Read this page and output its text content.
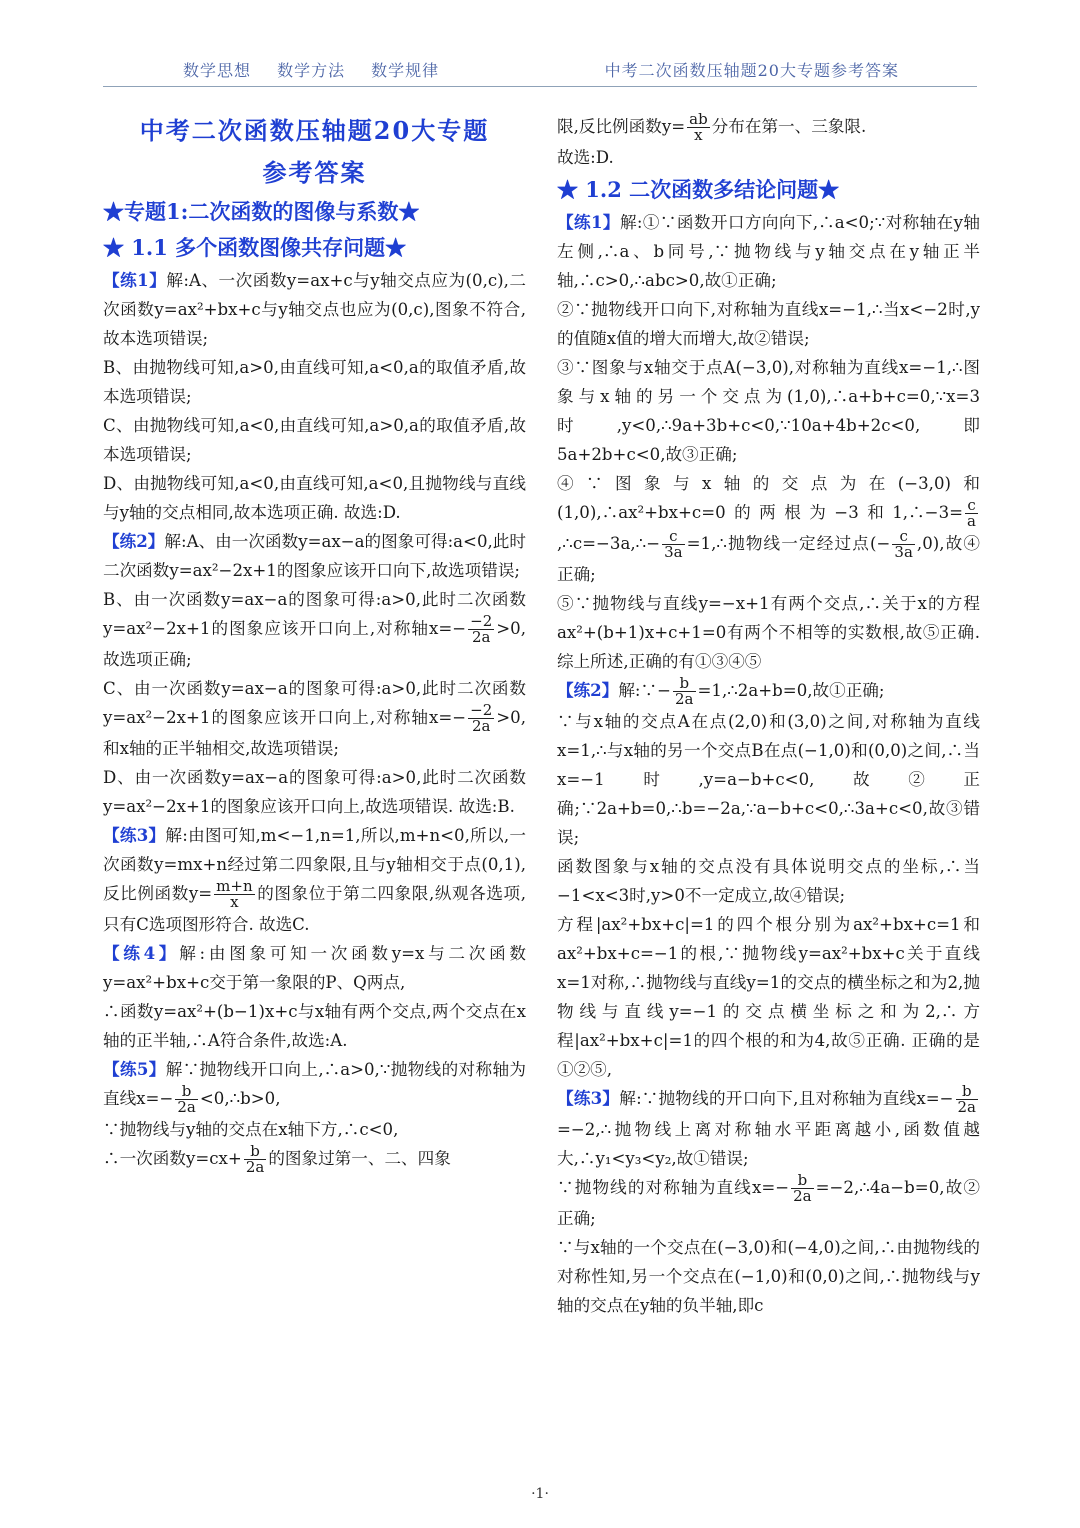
数学思想 数学方法 数学规律	中考二次函数压轴题20大专题参考答案

中考二次函数压轴题20大专题

参考答案

★专题1:二次函数的图像与系数★

★ 1.1 多个函数图像共存问题★

【练1】解:A、一次函数y=ax+c与y轴交点应为(0,c),二次函数y=ax²+bx+c与y轴交点也应为(0,c),图象不符合,故本选项错误;

B、由抛物线可知,a>0,由直线可知,a<0,a的取值矛盾,故本选项错误;

C、由抛物线可知,a<0,由直线可知,a>0,a的取值矛盾,故本选项错误;

D、由抛物线可知,a<0,由直线可知,a<0,且抛物线与直线与y轴的交点相同,故本选项正确. 故选:D.

【练2】解:A、由一次函数y=ax−a的图象可得:a<0,此时二次函数y=ax²−2x+1的图象应该开口向下,故选项错误;

B、由一次函数y=ax−a的图象可得:a>0,此时二次函数y=ax²−2x+1的图象应该开口向上,对称轴$x=- \frac{-2}{2a} >0$,故选项正确;

C、由一次函数y=ax−a的图象可得:a>0,此时二次函数y=ax²−2x+1的图象应该开口向上,对称轴$x=- \frac{-2}{2a} >0$,和x轴的正半轴相交,故选项错误;

D、由一次函数y=ax−a的图象可得:a>0,此时二次函数y=ax²−2x+1的图象应该开口向上,故选项错误. 故选:B.

【练3】解:由图可知,m<−1,n=1,所以,m+n<0,所以,一次函数y=mx+n经过第二四象限,且与y轴相交于点(0,1),反比例函数$y= \frac{m+n}{x}$ 的图象位于第二四象限,纵观各选项,只有C选项图形符合. 故选C.

【练4】解:由图象可知一次函数y=x与二次函数y=ax²+bx+c交于第一象限的P、Q两点,

∴函数y=ax²+(b−1)x+c与x轴有两个交点,两个交点在x轴的正半轴,∴A符合条件,故选:A.

【练5】解∵抛物线开口向上,∴a>0,∵抛物线的对称轴为直线$x=- \frac{b}{2a}$ <0,∴b>0,

∵抛物线与y轴的交点在x轴下方,∴c<0,

∴一次函数$y=cx+ \frac{b}{2a}$ 的图象过第一、二、四象

限,反比例函数$y= \frac{ab}{x}$ 分布在第一、三象限.

故选:D.

★ 1.2 二次函数多结论问题★

【练1】解:①∵函数开口方向向下,∴a<0;∵对称轴在y轴左侧,∴a、b同号,∵抛物线与y轴交点在y轴正半轴,∴c>0,∴abc>0,故①正确;

②∵抛物线开口向下,对称轴为直线x=−1,∴当x<−2时,y的值随x值的增大而增大,故②错误;

③∵图象与x轴交于点A(−3,0),对称轴为直线x=−1,∴图象与x轴的另一个交点为(1,0),∴a+b+c=0,∵x=3时,y<0,∴9a+3b+c<0,∵10a+4b+2c<0,即5a+2b+c<0,故③正确;

④∵图象与x轴的交点为在(−3,0)和(1,0),∴ax²+bx+c=0的两根为−3和1,∴−3= $\frac{c}{a}$
,∴c=−3a,∴− $\frac{c}{3a}$ =1,∴抛物线一定经过点(− $\frac{c}{3a} ,0$),故④正确;

⑤∵抛物线与直线y=−x+1有两个交点,∴关于x的方程ax²+(b+1)x+c+1=0有两个不相等的实数根,故⑤正确. 综上所述,正确的有①③④⑤

【练2】解:∵− $\frac{b}{2a}$ =1,∴2a+b=0,故①正确;

∵与x轴的交点A在点(2,0)和(3,0)之间,对称轴为直线x=1,∴与x轴的另一个交点B在点(−1,0)和(0,0)之间,∴当x=−1时,y=a−b+c<0,故②正确;∵2a+b=0,∴b=−2a,∵a−b+c<0,∴3a+c<0,故③错误;

函数图象与x轴的交点没有具体说明交点的坐标,∴当−1<x<3时,y>0不一定成立,故④错误;

方程|ax²+bx+c|=1的四个根分别为ax²+bx+c=1和ax²+bx+c=−1的根,∵抛物线y=ax²+bx+c关于直线x=1对称,∴抛物线与直线y=1的交点的横坐标之和为2,抛物线与直线y=−1的交点横坐标之和为2,∴方程|ax²+bx+c|=1的四个根的和为4,故⑤正确. 正确的是①②⑤,

【练3】解:∵抛物线的开口向下,且对称轴为直线$x=- \frac{b}{2a}$
=−2,∴抛物线上离对称轴水平距离越小,函数值越大,∴y₁<y₃<y₂,故①错误;

∵抛物线的对称轴为直线$x=- \frac{b}{2a}$ =−2,∴4a−b=0,故②正确;

∵与x轴的一个交点在(−3,0)和(−4,0)之间,∴由抛物线的对称性知,另一个交点在(−1,0)和(0,0)之间,∴抛物线与y轴的交点在y轴的负半轴,即c

·1·
